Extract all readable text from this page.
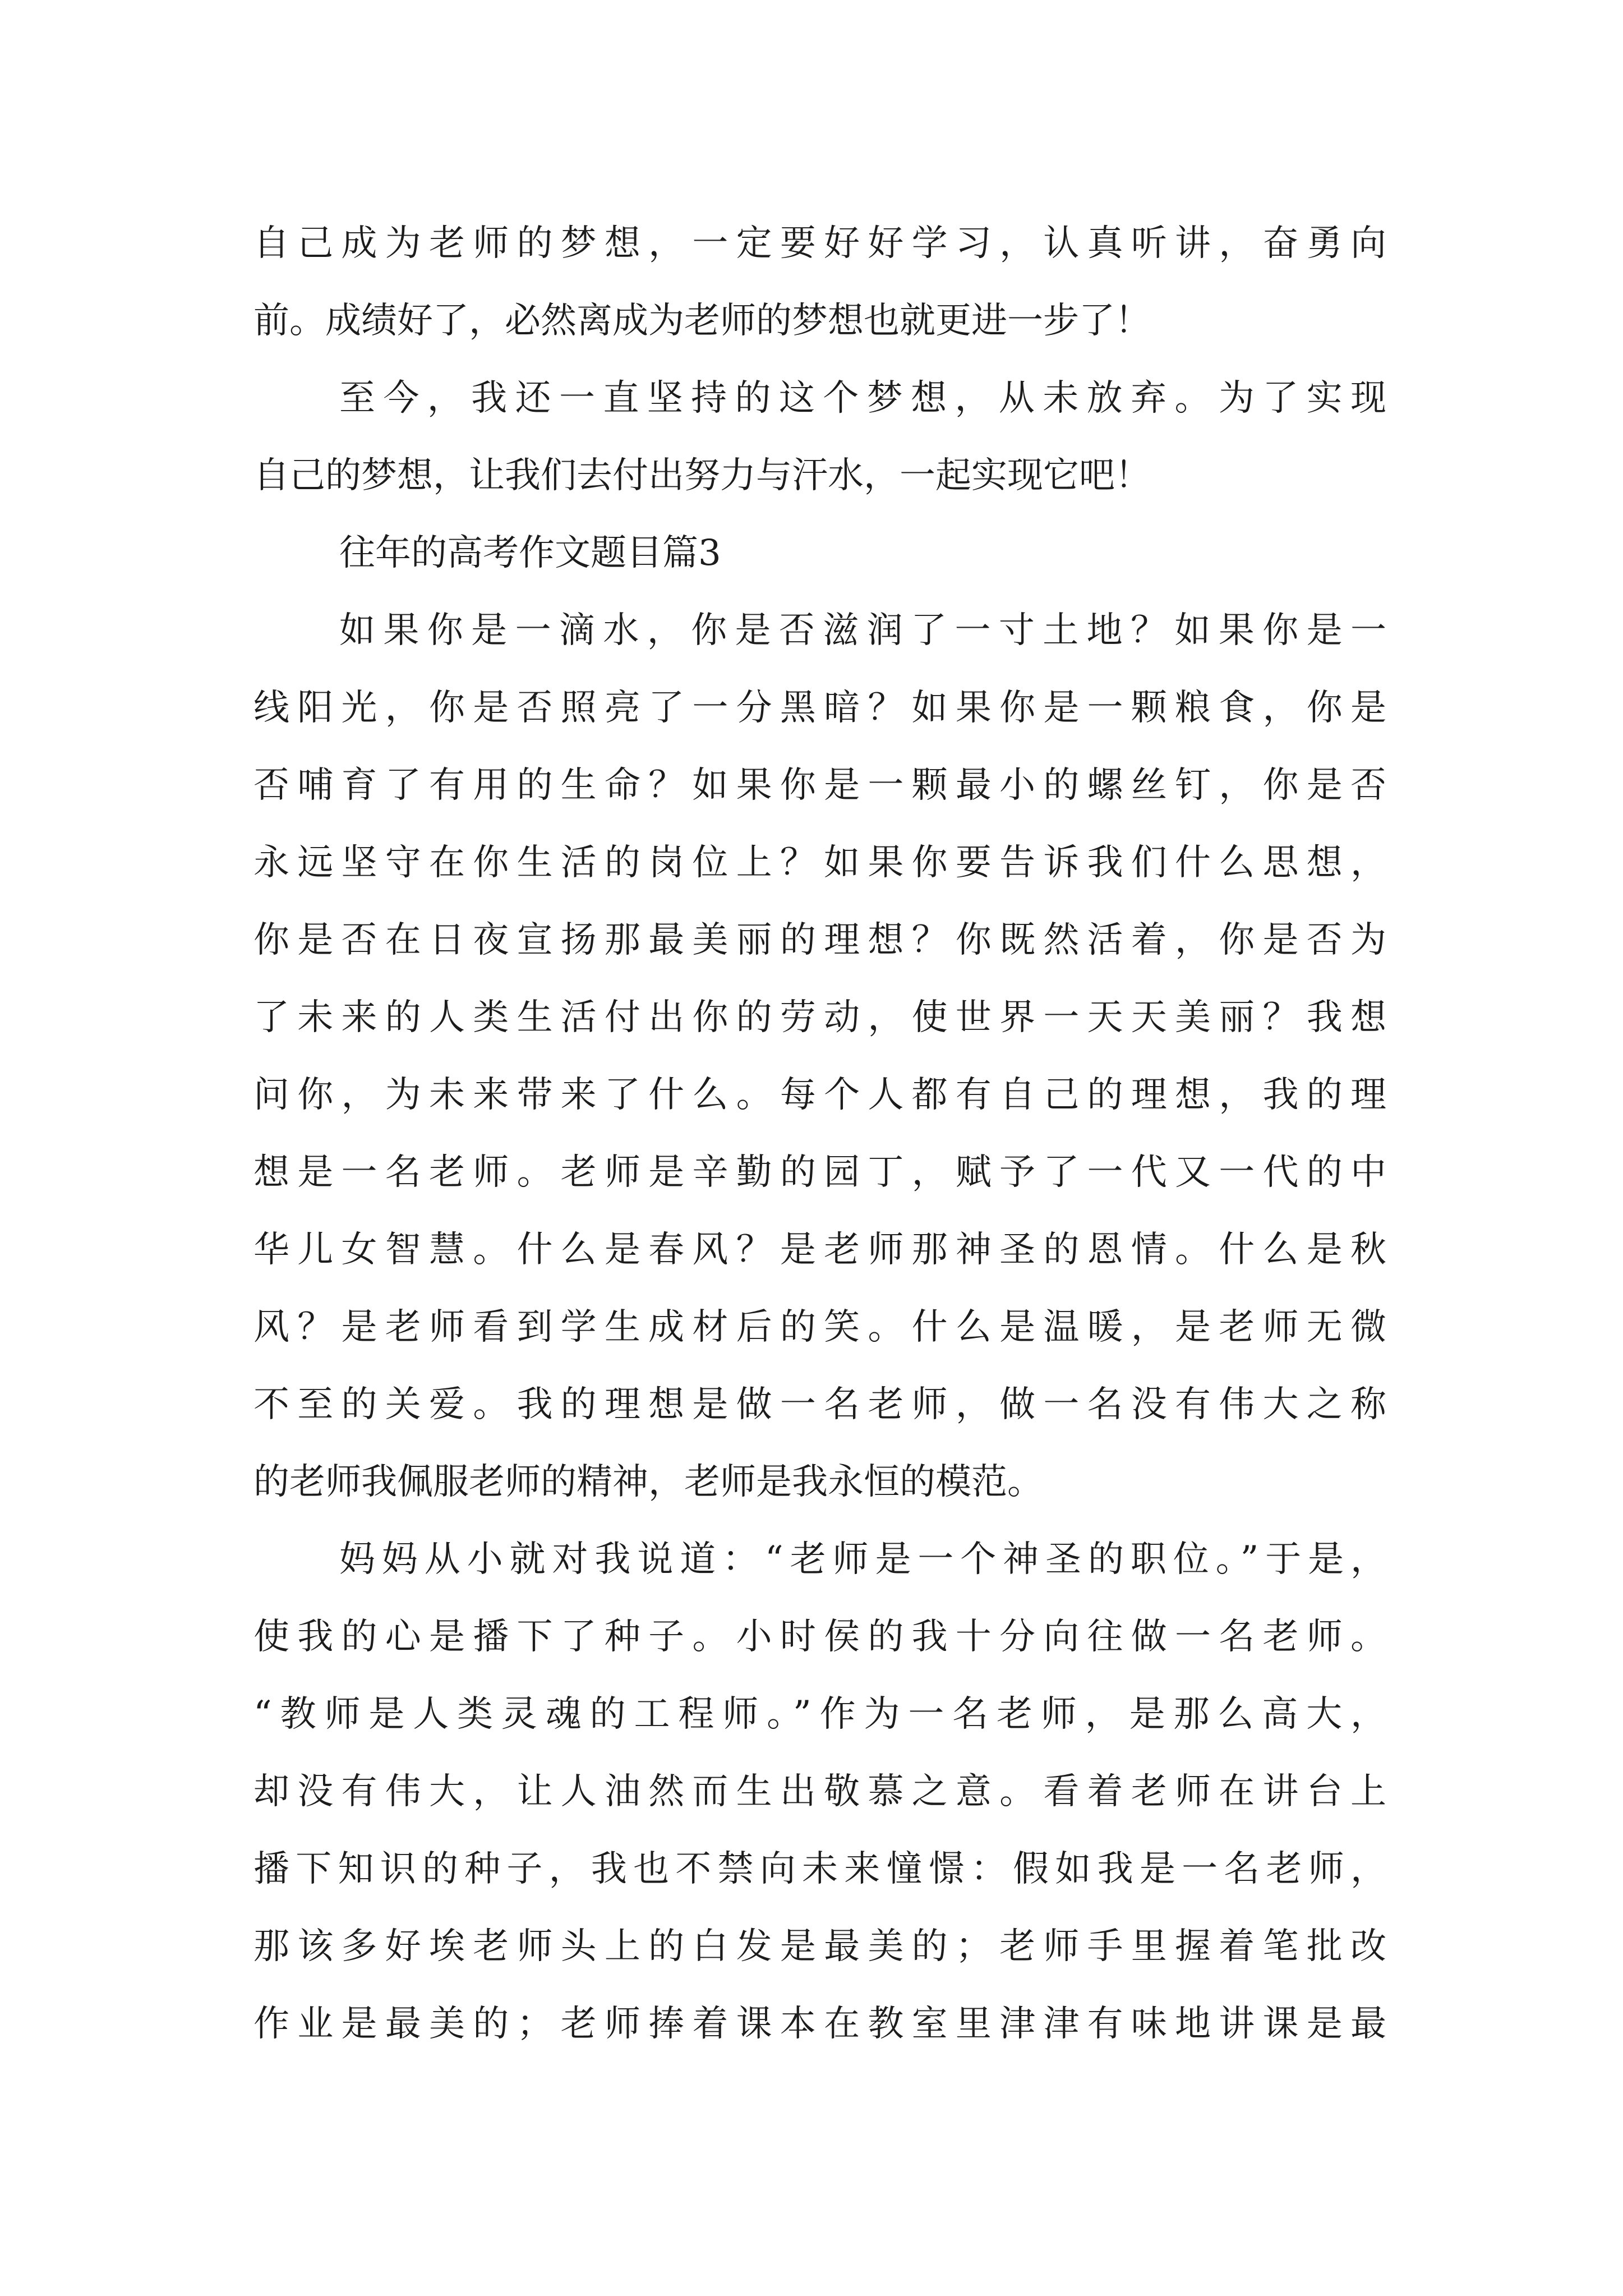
自己成为老师的梦想，一定要好好学习，认真听讲，奋勇向
前。成绩好了，必然离成为老师的梦想也就更进一步了！
至今，我还一直坚持的这个梦想，从未放弃。为了实现
自己的梦想，让我们去付出努力与汗水，一起实现它吧！
往年的高考作文题目篇3
如果你是一滴水，你是否滋润了一寸土地？如果你是一
线阳光，你是否照亮了一分黑暗？如果你是一颗粮食，你是
否哺育了有用的生命？如果你是一颗最小的螺丝钉，你是否
永远坚守在你生活的岗位上？如果你要告诉我们什么思想，
你是否在日夜宣扬那最美丽的理想？你既然活着，你是否为
了未来的人类生活付出你的劳动，使世界一天天美丽？我想
问你，为未来带来了什么。每个人都有自己的理想，我的理
想是一名老师。老师是辛勤的园丁，赋予了一代又一代的中
华儿女智慧。什么是春风？是老师那神圣的恩情。什么是秋
风？是老师看到学生成材后的笑。什么是温暖，是老师无微
不至的关爱。我的理想是做一名老师，做一名没有伟大之称
的老师我佩服老师的精神，老师是我永恒的模范。
妈妈从小就对我说道：“老师是一个神圣的职位。”于是，
使我的心是播下了种子。小时侯的我十分向往做一名老师。
“教师是人类灵魂的工程师。”作为一名老师，是那么高大，
却没有伟大，让人油然而生出敬慕之意。看着老师在讲台上
播下知识的种子，我也不禁向未来憧憬：假如我是一名老师，
那该多好埃老师头上的白发是最美的；老师手里握着笔批改
作业是最美的；老师捧着课本在教室里津津有味地讲课是最
